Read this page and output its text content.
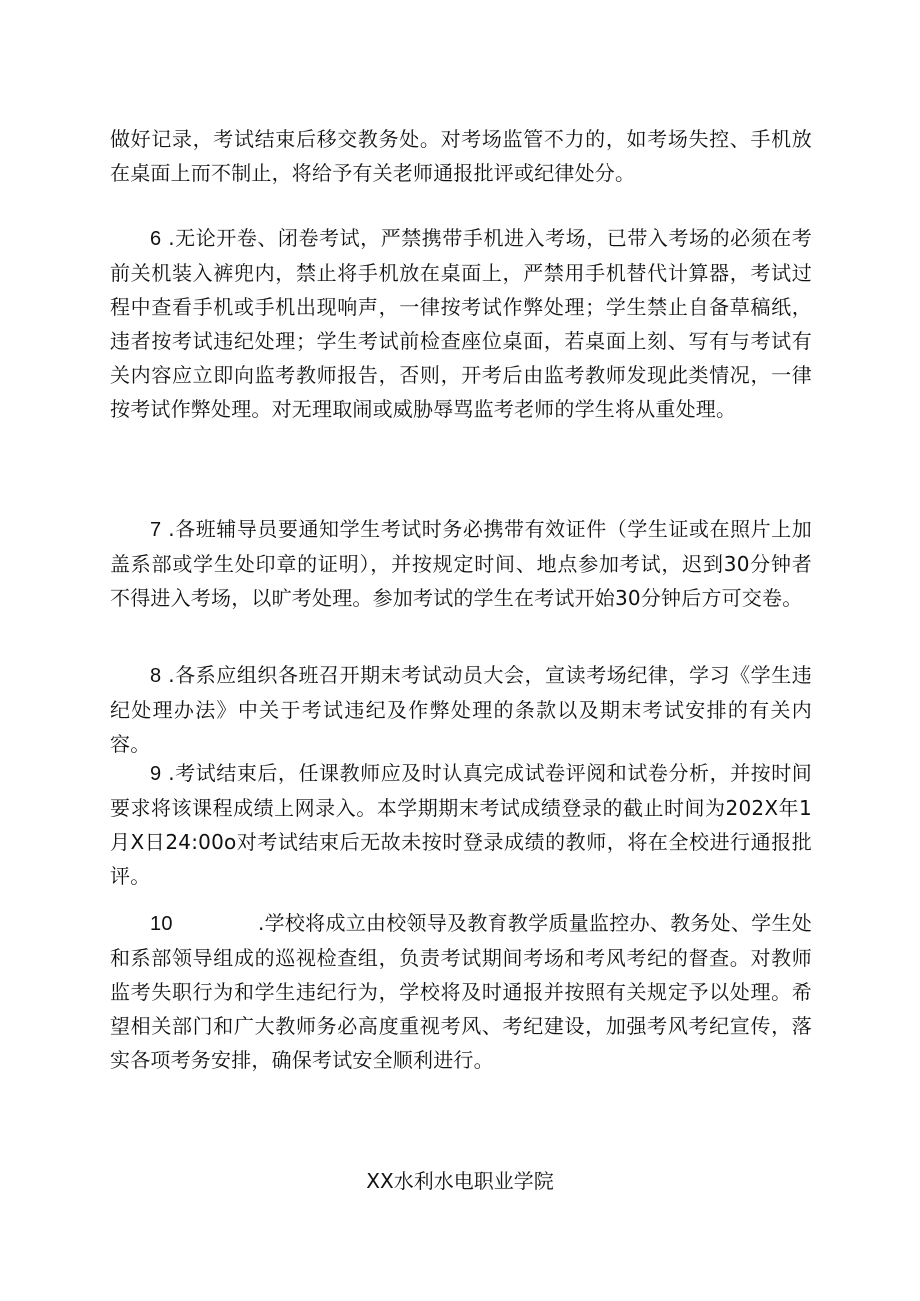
做好记录，考试结束后移交教务处。对考场监管不力的，如考场失控、手机放在桌面上而不制止，将给予有关老师通报批评或纪律处分。

6 .无论开卷、闭卷考试，严禁携带手机进入考场，已带入考场的必须在考前关机装入裤兜内，禁止将手机放在桌面上，严禁用手机替代计算器，考试过程中查看手机或手机出现响声，一律按考试作弊处理；学生禁止自备草稿纸，违者按考试违纪处理；学生考试前检查座位桌面，若桌面上刻、写有与考试有关内容应立即向监考教师报告，否则，开考后由监考教师发现此类情况，一律按考试作弊处理。对无理取闹或威胁辱骂监考老师的学生将从重处理。

7 .各班辅导员要通知学生考试时务必携带有效证件（学生证或在照片上加盖系部或学生处印章的证明），并按规定时间、地点参加考试，迟到30分钟者不得进入考场，以旷考处理。参加考试的学生在考试开始30分钟后方可交卷。

8 .各系应组织各班召开期末考试动员大会，宣读考场纪律，学习《学生违纪处理办法》中关于考试违纪及作弊处理的条款以及期末考试安排的有关内容。

9 .考试结束后，任课教师应及时认真完成试卷评阅和试卷分析，并按时间要求将该课程成绩上网录入。本学期期末考试成绩登录的截止时间为202X年1月X日24:00o对考试结束后无故未按时登录成绩的教师，将在全校进行通报批评。

10	.学校将成立由校领导及教育教学质量监控办、教务处、学生处和系部领导组成的巡视检查组，负责考试期间考场和考风考纪的督查。对教师监考失职行为和学生违纪行为，学校将及时通报并按照有关规定予以处理。希望相关部门和广大教师务必高度重视考风、考纪建设，加强考风考纪宣传，落实各项考务安排，确保考试安全顺利进行。

XX水利水电职业学院
